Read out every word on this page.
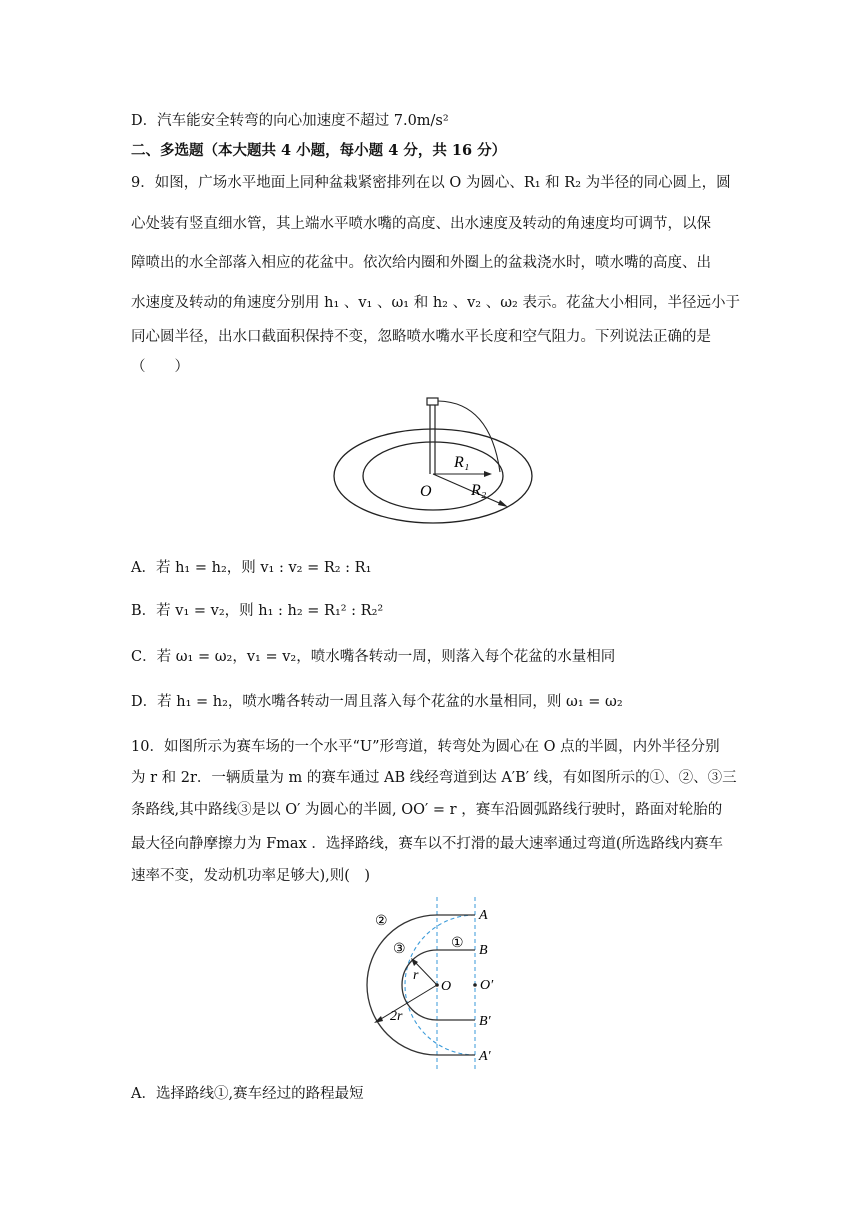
D．汽车能安全转弯的向心加速度不超过 7.0m/s²
二、多选题（本大题共 4 小题，每小题 4 分，共 16 分）
9．如图，广场水平地面上同种盆栽紧密排列在以 O 为圆心、R₁ 和 R₂ 为半径的同心圆上，圆
心处装有竖直细水管，其上端水平喷水嘴的高度、出水速度及转动的角速度均可调节，以保
障喷出的水全部落入相应的花盆中。依次给内圈和外圈上的盆栽浇水时，喷水嘴的高度、出
水速度及转动的角速度分别用 h₁ 、v₁ 、ω₁ 和 h₂ 、v₂ 、ω₂ 表示。花盆大小相同，半径远小于
同心圆半径，出水口截面积保持不变，忽略喷水嘴水平长度和空气阻力。下列说法正确的是
（　　）
R₁
R₂
O
A．若 h₁ = h₂，则 v₁ : v₂ = R₂ : R₁
B．若 v₁ = v₂，则 h₁ : h₂ = R₁² : R₂²
C．若 ω₁ = ω₂，v₁ = v₂，喷水嘴各转动一周，则落入每个花盆的水量相同
D．若 h₁ = h₂，喷水嘴各转动一周且落入每个花盆的水量相同，则 ω₁ = ω₂
10．如图所示为赛车场的一个水平“U”形弯道，转弯处为圆心在 O 点的半圆，内外半径分别
为 r 和 2r．一辆质量为 m 的赛车通过 AB 线经弯道到达 A′B′ 线，有如图所示的①、②、③三
条路线,其中路线③是以 O′ 为圆心的半圆, OO′ = r ，赛车沿圆弧路线行驶时，路面对轮胎的
最大径向静摩擦力为 Fmax ．选择路线，赛车以不打滑的最大速率通过弯道(所选路线内赛车
速率不变，发动机功率足够大),则(　)
A
B
O′
B′
A′
O
r
2r
①
②
③
A．选择路线①,赛车经过的路程最短
